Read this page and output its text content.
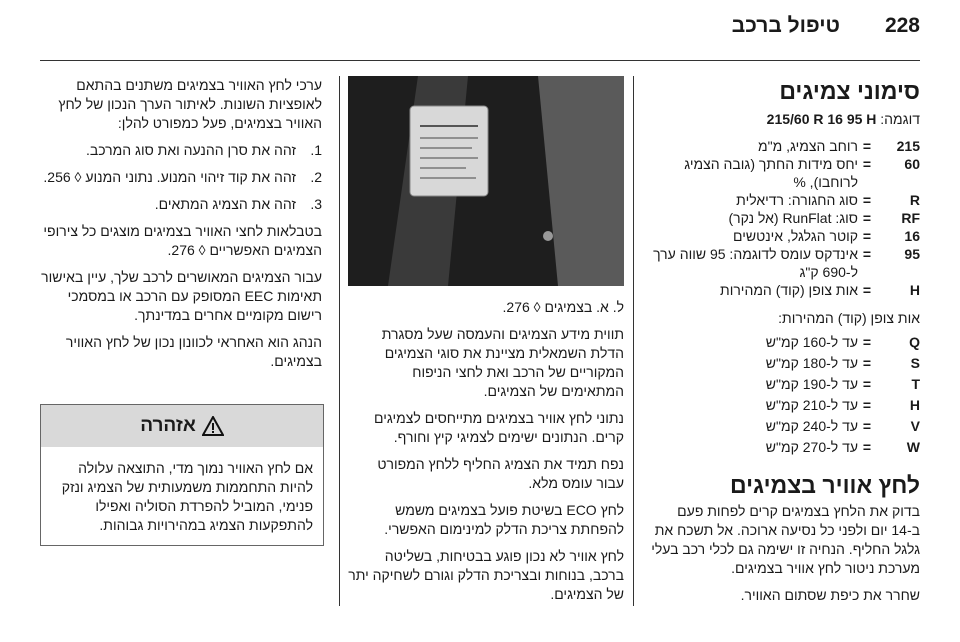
228
טיפול ברכב
סימוני צמיגים
דוגמה: 215/60 R 16 95 H
215
=
רוחב הצמיג, מ"מ
60
=
יחס מידות החתך (גובה הצמיג לרוחבו), %
R
=
סוג החגורה: רדיאלית
RF
=
סוג: RunFlat (אל נקר)
16
=
קוטר הגלגל, אינטשים
95
=
אינדקס עומס לדוגמה: 95 שווה ערך ל-690 ק"ג
H
=
אות צופן (קוד) המהירות
אות צופן (קוד) המהירות:
Q
=
עד ל-160 קמ"ש
S
=
עד ל-180 קמ"ש
T
=
עד ל-190 קמ"ש
H
=
עד ל-210 קמ"ש
V
=
עד ל-240 קמ"ש
W
=
עד ל-270 קמ"ש
לחץ אוויר בצמיגים

בדוק את הלחץ בצמיגים קרים לפחות פעם ב-14 יום ולפני כל נסיעה ארוכה. אל תשכח את גלגל החליף. הנחיה זו ישימה גם לכלי רכב בעלי מערכת ניטור לחץ אוויר בצמיגים.

שחרר את כיפת שסתום האוויר.

ל. א. בצמיגים ◊ 276.

תווית מידע הצמיגים והעמסה שעל מסגרת הדלת השמאלית מציינת את סוגי הצמיגים המקוריים של הרכב ואת לחצי הניפוח המתאימים של הצמיגים.

נתוני לחץ אוויר בצמיגים מתייחסים לצמיגים קרים. הנתונים ישימים לצמיגי קיץ וחורף.

נפח תמיד את הצמיג החליף ללחץ המפורט עבור עומס מלא.

לחץ ECO בשיטת פועל בצמיגים משמש להפחתת צריכת הדלק למינימום האפשרי.

לחץ אוויר לא נכון פוגע בבטיחות, בשליטה ברכב, בנוחות ובצריכת הדלק וגורם לשחיקה יתר של הצמיגים.

ערכי לחץ האוויר בצמיגים משתנים בהתאם לאופציות השונות. לאיתור הערך הנכון של לחץ האוויר בצמיגים, פעל כמפורט להלן:

1.
זהה את סרן ההנעה ואת סוג המרכב.
2.
זהה את קוד זיהוי המנוע. נתוני המנוע ◊ 256.
3.
זהה את הצמיג המתאים.

בטבלאות לחצי האוויר בצמיגים מוצגים כל צירופי הצמיגים האפשריים ◊ 276.

עבור הצמיגים המאושרים לרכב שלך, עיין באישור תאימות EEC המסופק עם הרכב או במסמכי רישום מקומיים אחרים במדינתך.

הנהג הוא האחראי לכוונון נכון של לחץ האוויר בצמיגים.

אזהרה
אם לחץ האוויר נמוך מדי, התוצאה עלולה להיות התחממות משמעותית של הצמיג ונזק פנימי, המוביל להפרדת הסוליה ואפילו להתפקעות הצמיג במהירויות גבוהות.
